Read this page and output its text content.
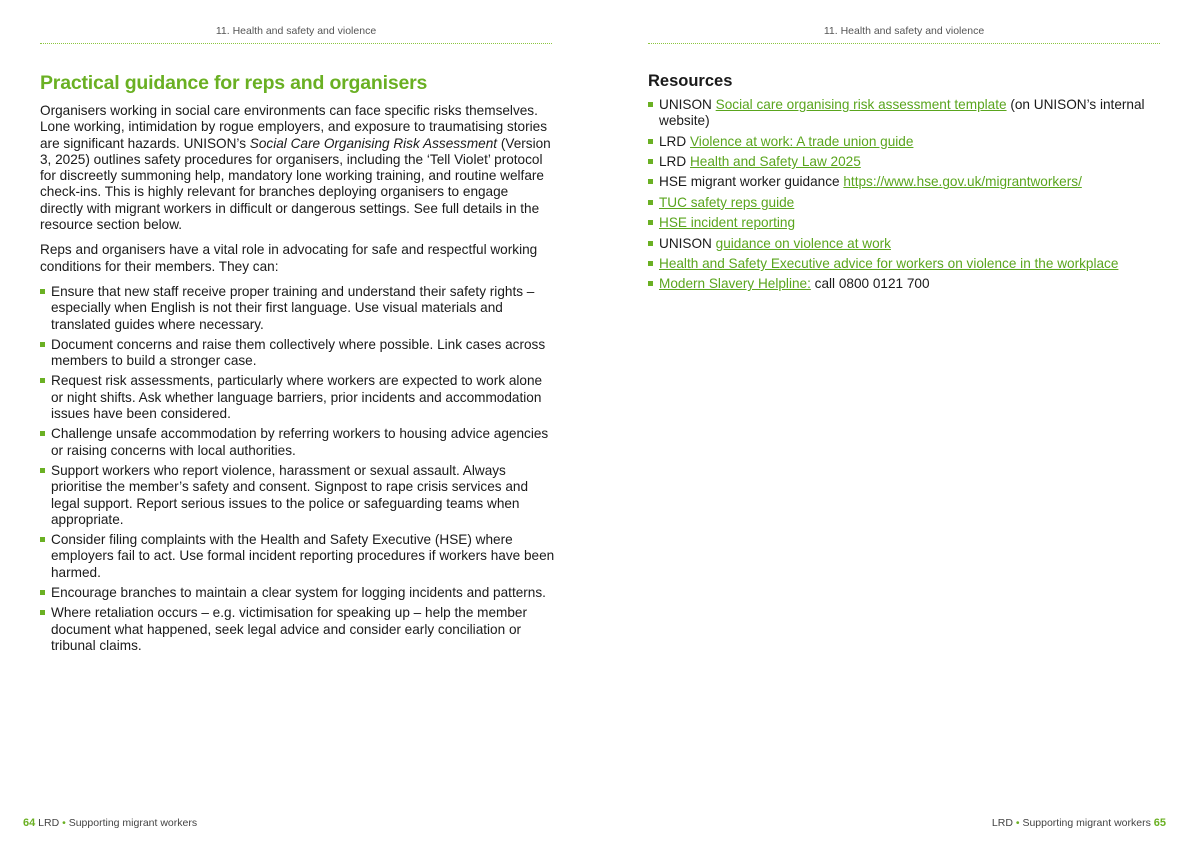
11. Health and safety and violence
Practical guidance for reps and organisers

Organisers working in social care environments can face specific risks themselves. Lone working, intimidation by rogue employers, and exposure to traumatising stories are significant hazards. UNISON’s Social Care Organising Risk Assessment (Version 3, 2025) outlines safety procedures for organisers, including the ‘Tell Violet’ protocol for discreetly summoning help, mandatory lone working training, and routine welfare check-ins. This is highly relevant for branches deploying organisers to engage directly with migrant workers in difficult or dangerous settings. See full details in the resource section below.

Reps and organisers have a vital role in advocating for safe and respectful working conditions for their members. They can:

Ensure that new staff receive proper training and understand their safety rights – especially when English is not their first language. Use visual materials and translated guides where necessary.
Document concerns and raise them collectively where possible. Link cases across members to build a stronger case.
Request risk assessments, particularly where workers are expected to work alone or night shifts. Ask whether language barriers, prior incidents and accommodation issues have been considered.
Challenge unsafe accommodation by referring workers to housing advice agencies or raising concerns with local authorities.
Support workers who report violence, harassment or sexual assault. Always prioritise the member’s safety and consent. Signpost to rape crisis services and legal support. Report serious issues to the police or safeguarding teams when appropriate.
Consider filing complaints with the Health and Safety Executive (HSE) where employers fail to act. Use formal incident reporting procedures if workers have been harmed.
Encourage branches to maintain a clear system for logging incidents and patterns.
Where retaliation occurs – e.g. victimisation for speaking up – help the member document what happened, seek legal advice and consider early conciliation or tribunal claims.
64 LRD • Supporting migrant workers
11. Health and safety and violence
Resources
UNISON Social care organising risk assessment template (on UNISON’s internal website)
LRD Violence at work: A trade union guide
LRD Health and Safety Law 2025
HSE migrant worker guidance https://www.hse.gov.uk/migrantworkers/
TUC safety reps guide
HSE incident reporting
UNISON guidance on violence at work
Health and Safety Executive advice for workers on violence in the workplace
Modern Slavery Helpline: call 0800 0121 700
LRD • Supporting migrant workers 65
